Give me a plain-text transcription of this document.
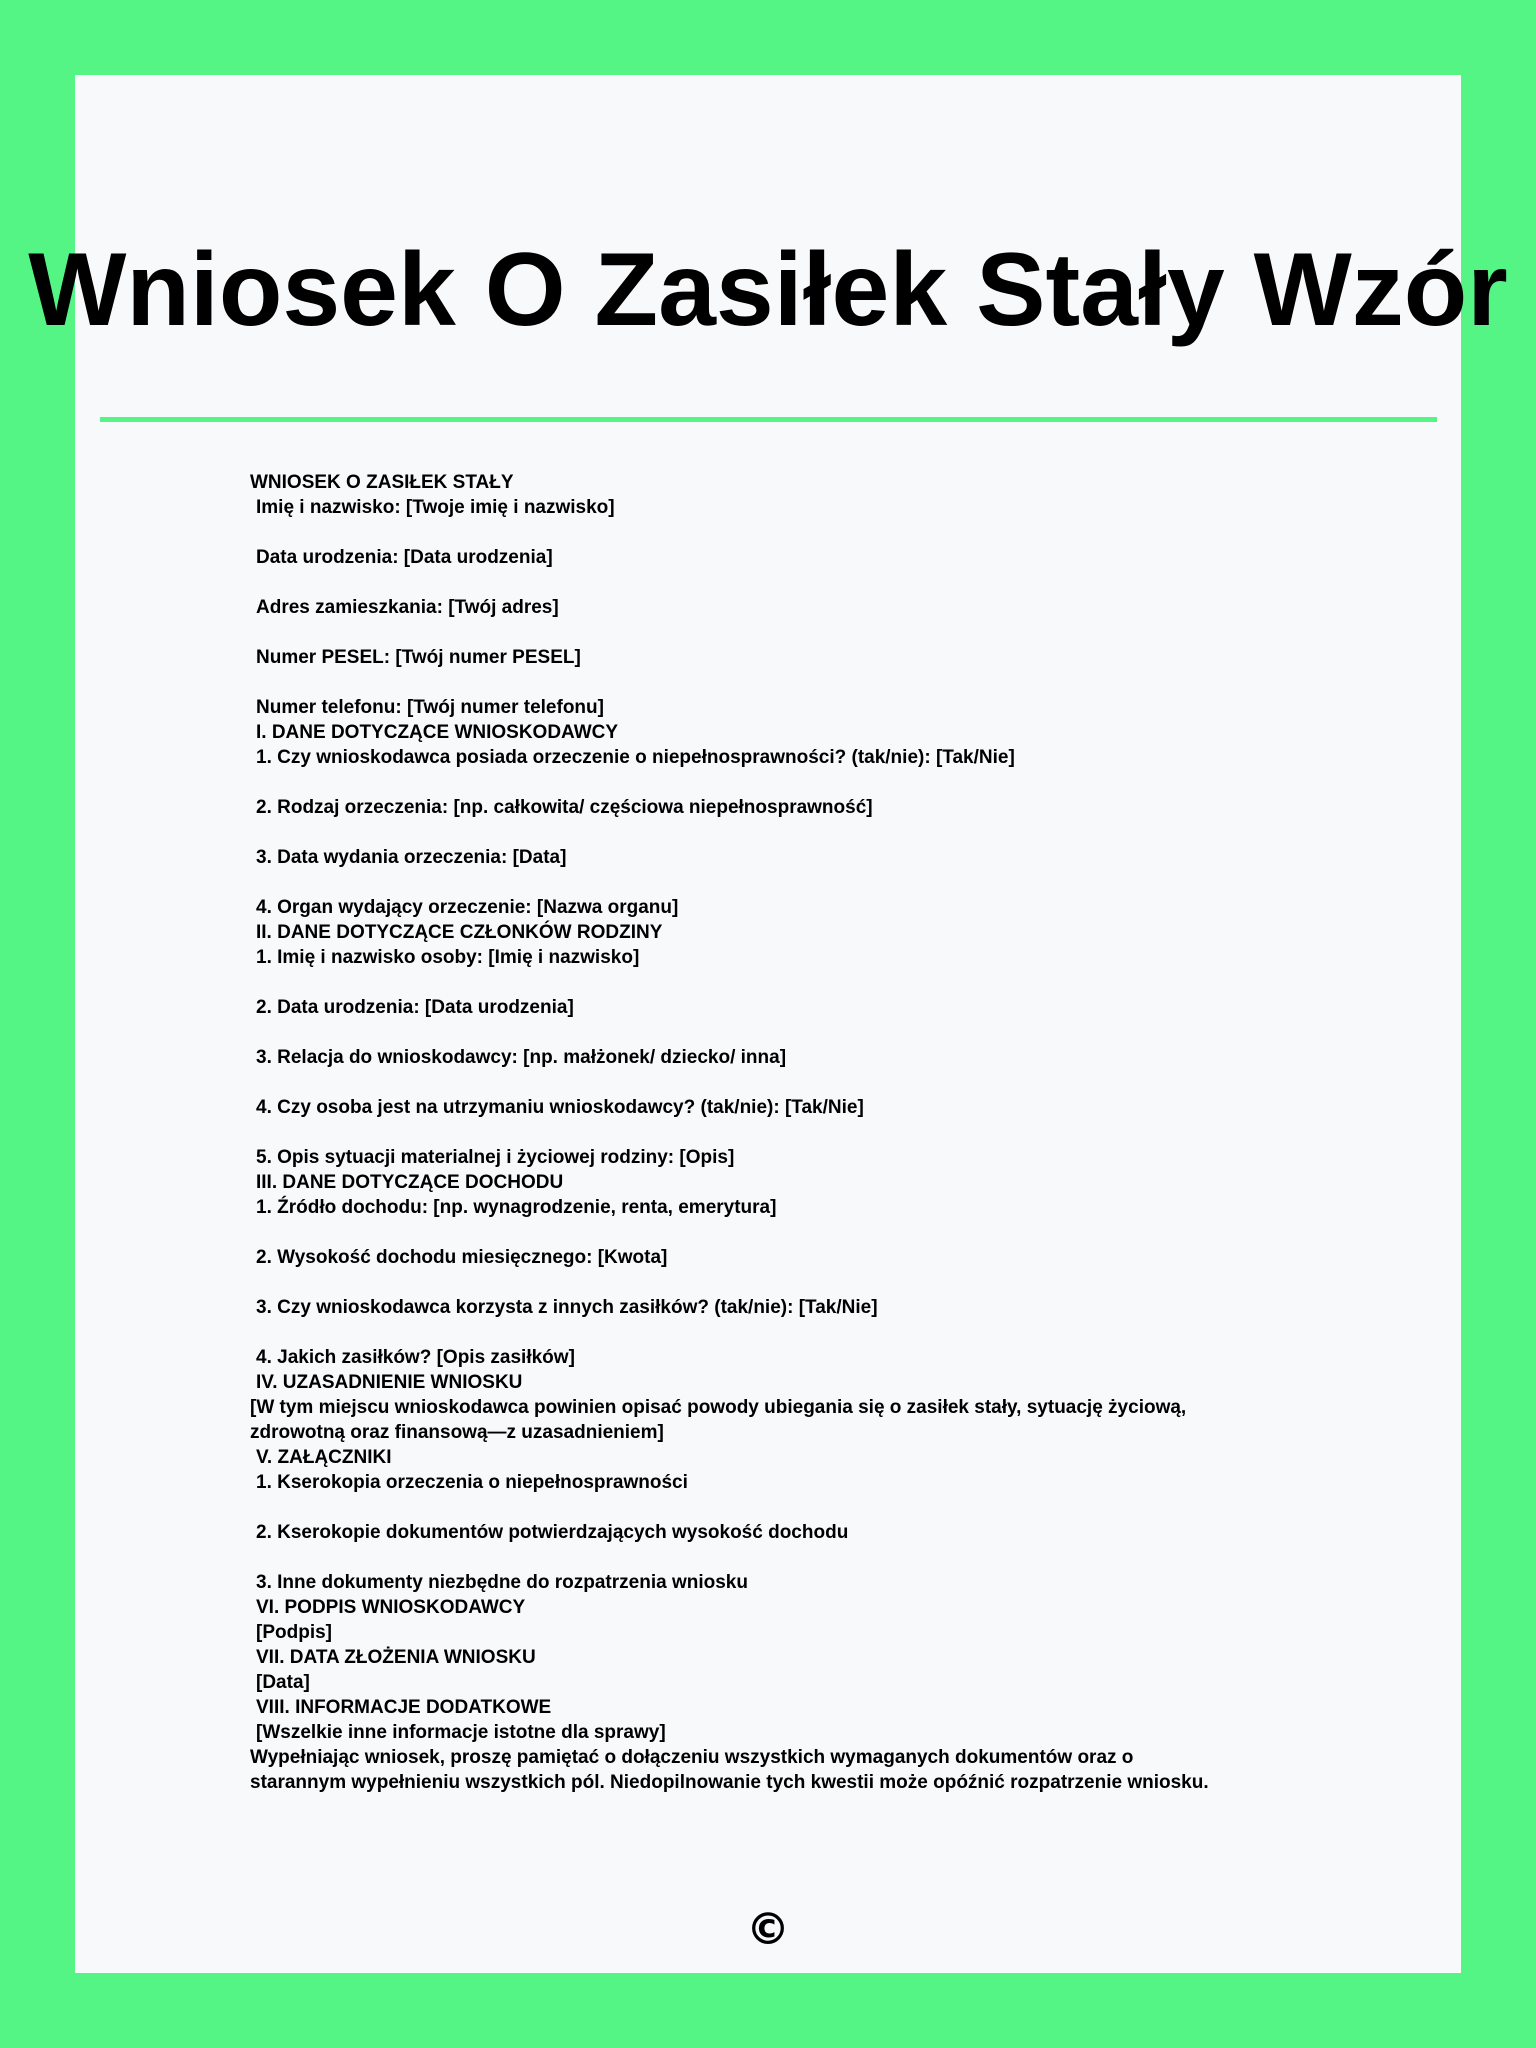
Wniosek O Zasiłek Stały Wzór

WNIOSEK O ZASIŁEK STAŁY

Imię i nazwisko: [Twoje imię i nazwisko]

Data urodzenia: [Data urodzenia]

Adres zamieszkania: [Twój adres]

Numer PESEL: [Twój numer PESEL]

Numer telefonu: [Twój numer telefonu]

I. DANE DOTYCZĄCE WNIOSKODAWCY

1. Czy wnioskodawca posiada orzeczenie o niepełnosprawności? (tak/nie): [Tak/Nie]

2. Rodzaj orzeczenia: [np. całkowita/ częściowa niepełnosprawność]

3. Data wydania orzeczenia: [Data]

4. Organ wydający orzeczenie: [Nazwa organu]

II. DANE DOTYCZĄCE CZŁONKÓW RODZINY

1. Imię i nazwisko osoby: [Imię i nazwisko]

2. Data urodzenia: [Data urodzenia]

3. Relacja do wnioskodawcy: [np. małżonek/ dziecko/ inna]

4. Czy osoba jest na utrzymaniu wnioskodawcy? (tak/nie): [Tak/Nie]

5. Opis sytuacji materialnej i życiowej rodziny: [Opis]

III. DANE DOTYCZĄCE DOCHODU

1. Źródło dochodu: [np. wynagrodzenie, renta, emerytura]

2. Wysokość dochodu miesięcznego: [Kwota]

3. Czy wnioskodawca korzysta z innych zasiłków? (tak/nie): [Tak/Nie]

4. Jakich zasiłków? [Opis zasiłków]

IV. UZASADNIENIE WNIOSKU

[W tym miejscu wnioskodawca powinien opisać powody ubiegania się o zasiłek stały, sytuację życiową,

zdrowotną oraz finansową—z uzasadnieniem]

V. ZAŁĄCZNIKI

1. Kserokopia orzeczenia o niepełnosprawności

2. Kserokopie dokumentów potwierdzających wysokość dochodu

3. Inne dokumenty niezbędne do rozpatrzenia wniosku

VI. PODPIS WNIOSKODAWCY

[Podpis]

VII. DATA ZŁOŻENIA WNIOSKU

[Data]

VIII. INFORMACJE DODATKOWE

[Wszelkie inne informacje istotne dla sprawy]

Wypełniając wniosek, proszę pamiętać o dołączeniu wszystkich wymaganych dokumentów oraz o

starannym wypełnieniu wszystkich pól. Niedopilnowanie tych kwestii może opóźnić rozpatrzenie wniosku.

©
